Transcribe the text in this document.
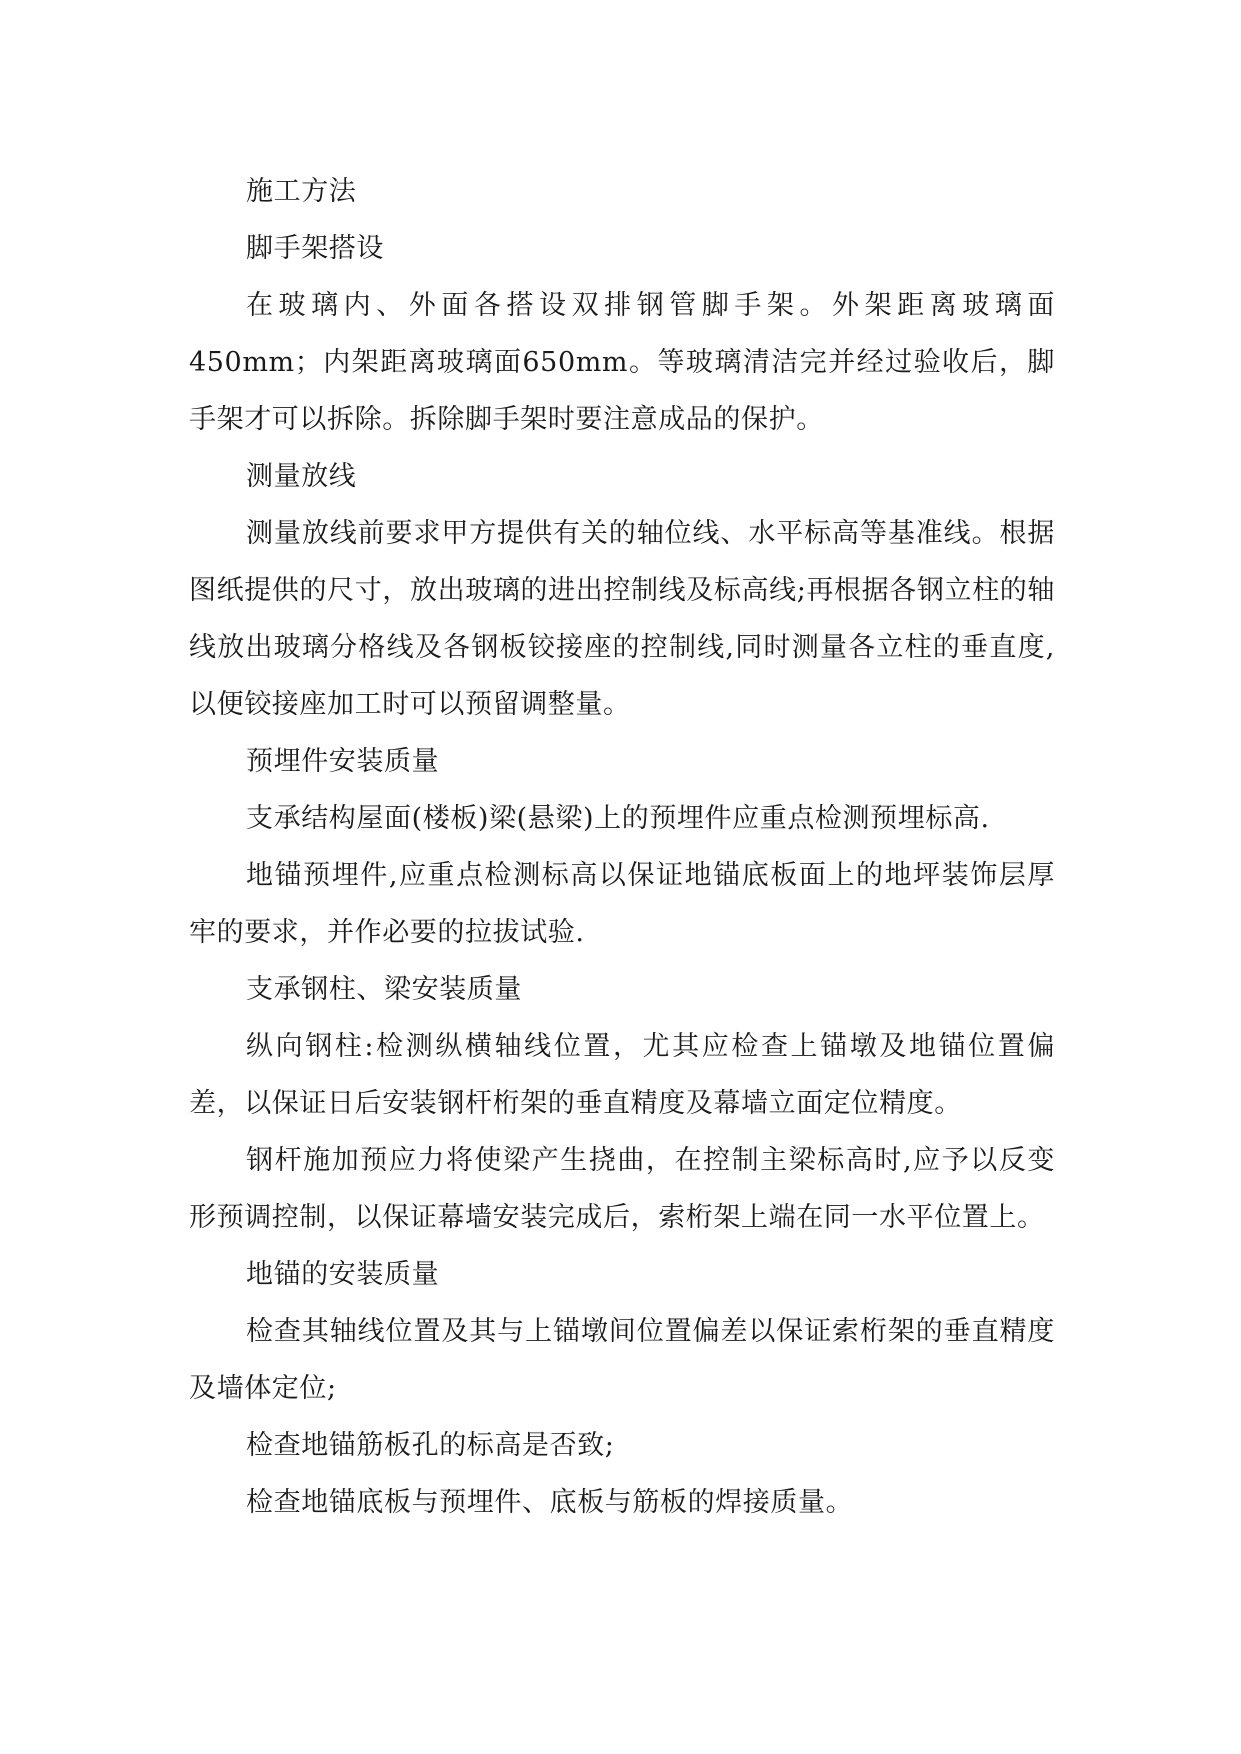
施工方法

脚手架搭设

在玻璃内、外面各搭设双排钢管脚手架。外架距离玻璃面450mm；内架距离玻璃面650mm。等玻璃清洁完并经过验收后，脚手架才可以拆除。拆除脚手架时要注意成品的保护。

测量放线

测量放线前要求甲方提供有关的轴位线、水平标高等基准线。根据图纸提供的尺寸，放出玻璃的进出控制线及标高线;再根据各钢立柱的轴线放出玻璃分格线及各钢板铰接座的控制线,同时测量各立柱的垂直度,以便铰接座加工时可以预留调整量。

预埋件安装质量

支承结构屋面(楼板)梁(悬梁)上的预埋件应重点检测预埋标高.

地锚预埋件,应重点检测标高以保证地锚底板面上的地坪装饰层厚牢的要求，并作必要的拉拔试验.

支承钢柱、梁安装质量

纵向钢柱:检测纵横轴线位置，尤其应检查上锚墩及地锚位置偏差，以保证日后安装钢杆桁架的垂直精度及幕墙立面定位精度。

钢杆施加预应力将使梁产生挠曲，在控制主梁标高时,应予以反变形预调控制，以保证幕墙安装完成后，索桁架上端在同一水平位置上。

地锚的安装质量

检查其轴线位置及其与上锚墩间位置偏差以保证索桁架的垂直精度及墙体定位;

检查地锚筋板孔的标高是否致;

检查地锚底板与预埋件、底板与筋板的焊接质量。
